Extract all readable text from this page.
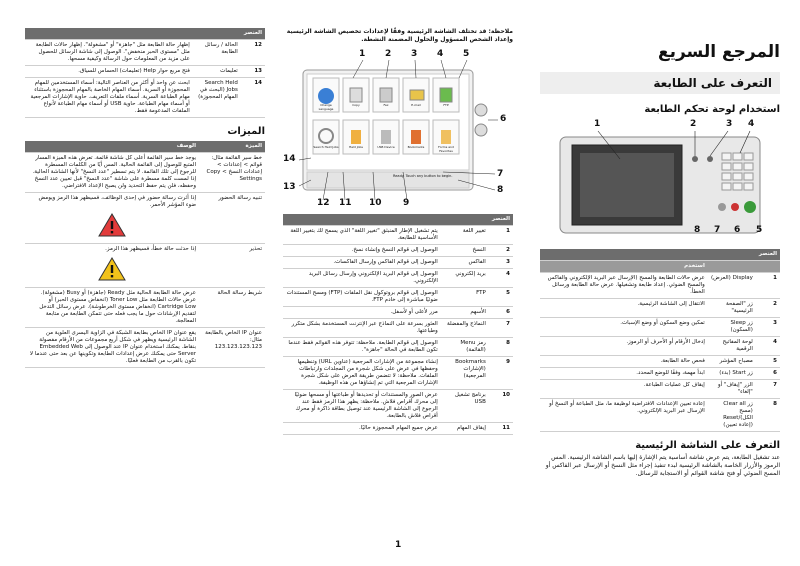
المرجع السريع
التعرف على الطابعة
استخدام لوحة تحكم الطابعة
1	2	3 4
8 7 6 5
العنصر		
		استخدم
1	Display (العرض)	عرض حالات الطابعة والمسح (الإرسال عبر البريد الإلكتروني والفاكس والمسح الضوئي. إعداد طابعة وتشغيلها. عرض حالة الطابعة ورسائل الخطأ.
2	زر "الصفحة الرئيسية"	الانتقال إلى الشاشة الرئيسية.
3	زر Sleep (السكون)	تمكين وضع السكون أو وضع الإسبات.
4	لوحة المفاتيح الرقمية	إدخال الأرقام أو الأحرف أو الرموز.
5	مصباح المؤشر	فحص حالة الطابعة.
6	زر Start (بدء)	ابدأ مهمة، وفقًا للوضع المحدد.
7	الزر "إيقاف" أو "إلغاء"	إيقاف كل عمليات الطباعة.
8	زر Clear all (مسح الكل)/Reset (إعادة تعيين)	إعادة تعيين الإعدادات الافتراضية لوظيفة ما، مثل الطباعة أو النسخ أو الإرسال عبر البريد الإلكتروني.
التعرف على الشاشة الرئيسية
عند تشغيل الطابعة، يتم عرض شاشة أساسية يتم الإشارة إليها باسم الشاشة الرئيسية. المس الرموز والأزرار الخاصة بالشاشة الرئيسية لبدء تنفيذ إجراء مثل النسخ أو الإرسال عبر الفاكس أو المسح الضوئي أو فتح شاشة القوائم أو الاستجابة للرسائل.
ملاحظة: قد تختلف الشاشة الرئيسية وفقًا لإعدادات تخصيص الشاشة الرئيسية وإعداد الشخص المسؤول والحلول المضمنة النشطة.
1 2 3 4 5
6
7
8
9
10
11
12
13
14
Change Language
Copy	Fax	E-mail	FTP
Search Held Jobs	Held Jobs	USB Device	Bookmarks	Forms and Favorites
Ready. Touch any button to begin.
العنصر		
1	تغيير اللغة	يتم تشغيل الإطار المنبثق "تغيير اللغة" الذي يسمح لك بتغيير اللغة الأساسية للطابعة.
2	النسخ	الوصول إلى قوائم النسخ وإنشاء نسخ.
3	الفاكس	الوصول إلى قوائم الفاكس وإرسال الفاكسات.
4	بريد إلكتروني	الوصول إلى قوائم البريد الإلكتروني وإرسال رسائل البريد الإلكتروني.
5	FTP	الوصول إلى قوائم بروتوكول نقل الملفات (FTP) ومسح المستندات ضوئيًا مباشرة إلى خادم FTP.
6	الأسهم	مرر لأعلى أو لأسفل.
7	النماذج والمفضلة	العثور بسرعة على النماذج عبر الإنترنت المستخدمة بشكل متكرر وطباعتها.
8	رمز Menu (القائمة)	الوصول إلى قوائم الطابعة. ملاحظة: تتوفر هذه القوائم فقط عندما تكون الطابعة في الحالة "جاهزة".
9	Bookmarks (الإشارات المرجعية)	إنشاء مجموعة من الإشارات المرجعية (عناوين URL) وتنظيمها وحفظها في عرض على شكل شجرة من المجلدات وارتباطات الملفات. ملاحظة: لا تتضمن طريقة العرض على شكل شجرة الإشارات المرجعية التي تم إنشاؤها من هذه الوظيفة.
10	برنامج تشغيل USB	عرض الصور والمستندات أو تحديدها أو طباعتها أو مسحها ضوئيًا إلى محرك أقراص فلاش. ملاحظة: يظهر هذا الرمز فقط عند الرجوع إلى الشاشة الرئيسية عند توصيل بطاقة ذاكرة أو محرك أقراص فلاش بالطابعة.
11	إيقاف المهام	عرض جميع المهام المحجوزة حاليًا.
العنصر		
12	الحالة / رسائل الطابعة	إظهار حالة الطابعة مثل "جاهزة" أو "مشغولة". إظهار حالات الطابعة مثل "مستوى الحبر منخفض". الوصول إلى شاشة الرسائل للحصول على مزيد من المعلومات حول الرسالة وكيفية مسحها.
13	تعليمات	فتح مربع حوار Help (تعليمات) الحساس للسياق.
14	Search Held Jobs (البحث في المهام المحجوزة)	ابحث عن واحد أو أكثر من العناصر التالية: أسماء المستخدمين للمهام المحجوزة أو السرية. أسماء المهام الخاصة بالمهام المحجوزة باستثناء مهام الطباعة السرية. أسماء ملفات التعريف. حاوية الإشارات المرجعية أو أسماء مهام الطباعة. حاوية USB أو أسماء مهام الطباعة لأنواع الملفات المدعومة فقط.
الميزات
الميزة	الوصف
خط سير القائمة مثال: قوائم > إعدادات > إعدادات النسخ > Copy Settings	يوجد خط سير القائمة أعلى كل شاشة قائمة. تعرض هذه الميزة المسار المتبع للوصول إلى القائمة الحالية. المس أيًا من الكلمات المسطرة للرجوع إلى تلك القائمة. لا يتم تسطير "عدد النسخ" لأنها الشاشة الحالية. إذا لمست كلمة مسطرة على شاشة "عدد النسخ" قبل تعيين عدد النسخ وحفظه، فلن يتم حفظ التحديد ولن يصبح الإعداد الافتراضي.

تنبيه رسالة الحضور	إذا أثرت رسالة حضور في إحدى الوظائف، فسيظهر هذا الرمز ويومض ضوء المؤشر الأحمر.

تحذير	إذا حدثت حالة خطأ، فسيظهر هذا الرمز.

شريط رسالة الحالة	عرض حالة الطابعة الحالية مثل Ready (جاهزة) أو Busy (مشغولة). عرض حالات الطابعة مثل Toner Low (انخفاض مستوى الحبر) أو Cartridge Low (انخفاض مستوى الخرطوشة). عرض رسائل التدخل لتقديم الإرشادات حول ما يجب فعله حتى تتمكن الطابعة من متابعة المعالجة.

عنوان IP الخاص بالطابعة مثال: 123.123.123.123	يقع عنوان IP الخاص بطابعة الشبكة في الزاوية اليسرى العلوية من الشاشة الرئيسية ويظهر في شكل أربع مجموعات من الأرقام مفصولة بنقاط. يمكنك استخدام عنوان IP عند الوصول إلى Embedded Web Server حتى يمكنك عرض إعدادات الطابعة وتكوينها عن بعد حتى عندما لا تكون بالقرب من الطابعة فعليًا.
1
